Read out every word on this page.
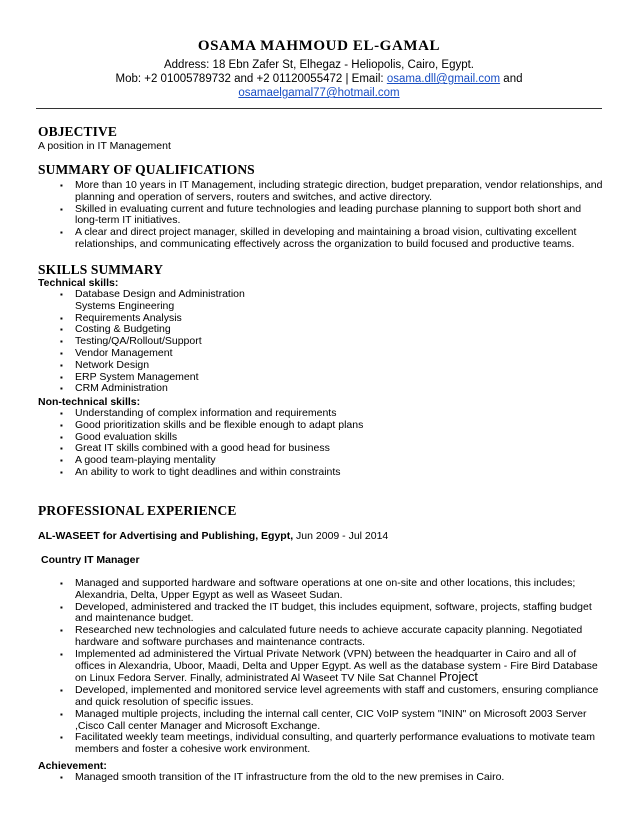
OSAMA MAHMOUD EL-GAMAL
Address: 18 Ebn Zafer St, Elhegaz - Heliopolis, Cairo, Egypt.
Mob: +2 01005789732 and +2 01120055472 | Email: osama.dll@gmail.com and
osamaelgamal77@hotmail.com
OBJECTIVE
A position in IT Management
SUMMARY OF QUALIFICATIONS
▪ More than 10 years in IT Management, including strategic direction, budget preparation, vendor relationships, and planning and operation of servers, routers and switches, and active directory.
▪ Skilled in evaluating current and future technologies and leading purchase planning to support both short and long-term IT initiatives.
▪ A clear and direct project manager, skilled in developing and maintaining a broad vision, cultivating excellent relationships, and communicating effectively across the organization to build focused and productive teams.
SKILLS SUMMARY
Technical skills:
▪ Database Design and Administration
Systems Engineering
▪ Requirements Analysis
▪ Costing & Budgeting
▪ Testing/QA/Rollout/Support
▪ Vendor Management
▪ Network Design
▪ ERP System Management
▪ CRM Administration
Non-technical skills:
▪ Understanding of complex information and requirements
▪ Good prioritization skills and be flexible enough to adapt plans
▪ Good evaluation skills
▪ Great IT skills combined with a good head for business
▪ A good team-playing mentality
▪ An ability to work to tight deadlines and within constraints
PROFESSIONAL EXPERIENCE
AL-WASEET for Advertising and Publishing, Egypt, Jun 2009 - Jul 2014
Country IT Manager
▪ Managed and supported hardware and software operations at one on-site and other locations, this includes; Alexandria, Delta, Upper Egypt as well as Waseet Sudan.
▪ Developed, administered and tracked the IT budget, this includes equipment, software, projects, staffing budget and maintenance budget.
▪ Researched new technologies and calculated future needs to achieve accurate capacity planning. Negotiated hardware and software purchases and maintenance contracts.
▪ Implemented ad administered the Virtual Private Network (VPN) between the headquarter in Cairo and all of offices in Alexandria, Uboor, Maadi, Delta and Upper Egypt. As well as the database system - Fire Bird Database on Linux Fedora Server. Finally, administrated Al Waseet TV Nile Sat Channel Project
▪ Developed, implemented and monitored service level agreements with staff and customers, ensuring compliance and quick resolution of specific issues.
▪ Managed multiple projects, including the internal call center, CIC VoIP system "ININ" on Microsoft 2003 Server ,Cisco Call center Manager and Microsoft Exchange.
▪ Facilitated weekly team meetings, individual consulting, and quarterly performance evaluations to motivate team members and foster a cohesive work environment.
Achievement:
▪ Managed smooth transition of the IT infrastructure from the old to the new premises in Cairo.
